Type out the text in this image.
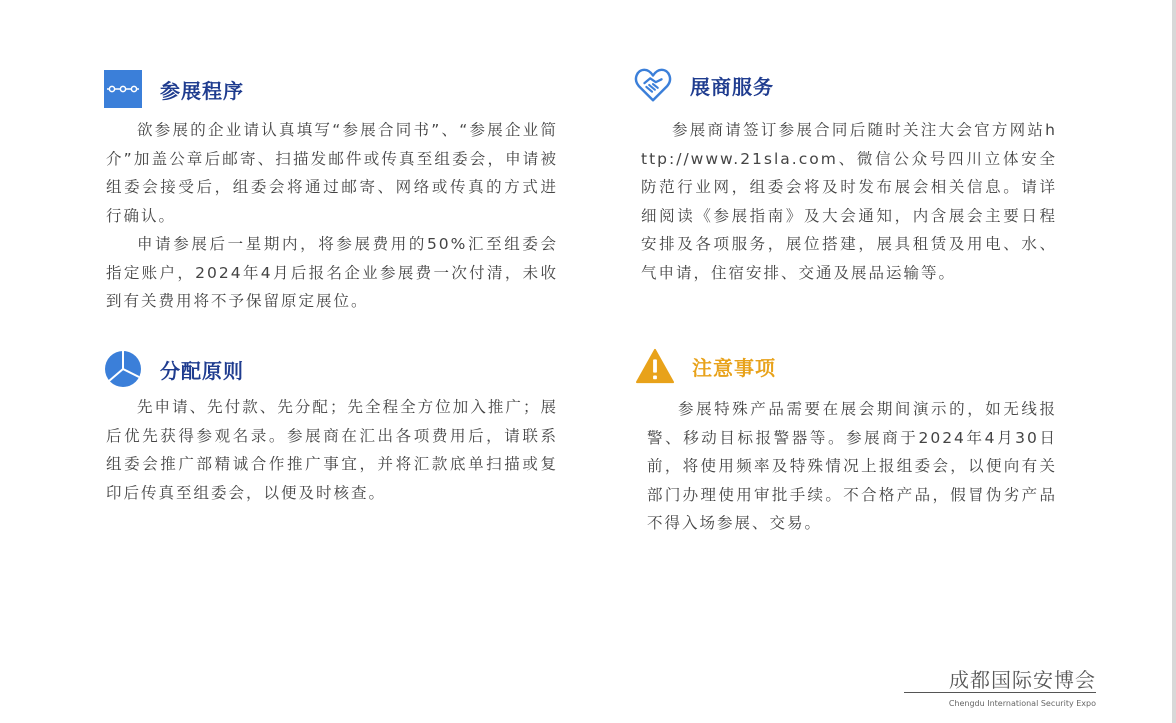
参展程序

欲参展的企业请认真填写“参展合同书”、“参展企业简介”加盖公章后邮寄、扫描发邮件或传真至组委会，申请被组委会接受后，组委会将通过邮寄、网络或传真的方式进行确认。

申请参展后一星期内，将参展费用的50%汇至组委会指定账户，2024年4月后报名企业参展费一次付清，未收到有关费用将不予保留原定展位。

展商服务

参展商请签订参展合同后随时关注大会官方网站http://www.21sla.com、微信公众号四川立体安全防范行业网，组委会将及时发布展会相关信息。请详细阅读《参展指南》及大会通知，内含展会主要日程安排及各项服务，展位搭建，展具租赁及用电、水、气申请，住宿安排、交通及展品运输等。

分配原则

先申请、先付款、先分配；先全程全方位加入推广；展后优先获得参观名录。参展商在汇出各项费用后，请联系组委会推广部精诚合作推广事宜，并将汇款底单扫描或复印后传真至组委会，以便及时核查。

注意事项

参展特殊产品需要在展会期间演示的，如无线报警、移动目标报警器等。参展商于2024年4月30日前，将使用频率及特殊情况上报组委会，以便向有关部门办理使用审批手续。不合格产品，假冒伪劣产品不得入场参展、交易。

成都国际安博会
Chengdu International Security Expo
